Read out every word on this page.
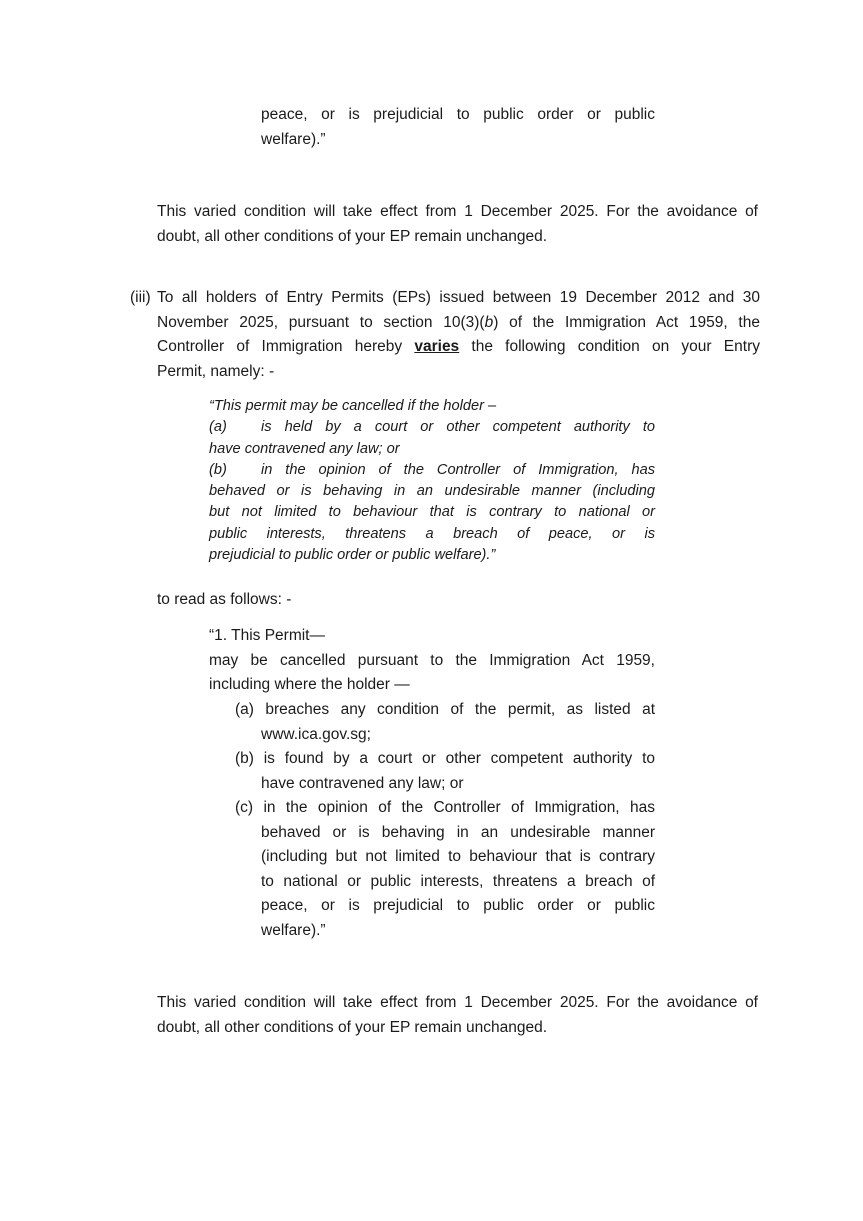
peace, or is prejudicial to public order or public
welfare).”
This varied condition will take effect from 1 December 2025. For the avoidance of
doubt, all other conditions of your EP remain unchanged.
(iii) To all holders of Entry Permits (EPs) issued between 19 December 2012 and 30
November 2025, pursuant to section 10(3)(b) of the Immigration Act 1959, the
Controller of Immigration hereby varies the following condition on your Entry
Permit, namely: -
“This permit may be cancelled if the holder –
(a) is held by a court or other competent authority to
have contravened any law; or
(b) in the opinion of the Controller of Immigration, has
behaved or is behaving in an undesirable manner (including
but not limited to behaviour that is contrary to national or
public interests, threatens a breach of peace, or is
prejudicial to public order or public welfare).”
to read as follows: -
“1. This Permit—
may be cancelled pursuant to the Immigration Act 1959,
including where the holder —
(a) breaches any condition of the permit, as listed at
www.ica.gov.sg;
(b) is found by a court or other competent authority to
have contravened any law; or
(c) in the opinion of the Controller of Immigration, has
behaved or is behaving in an undesirable manner
(including but not limited to behaviour that is contrary
to national or public interests, threatens a breach of
peace, or is prejudicial to public order or public
welfare).”
This varied condition will take effect from 1 December 2025. For the avoidance of
doubt, all other conditions of your EP remain unchanged.
